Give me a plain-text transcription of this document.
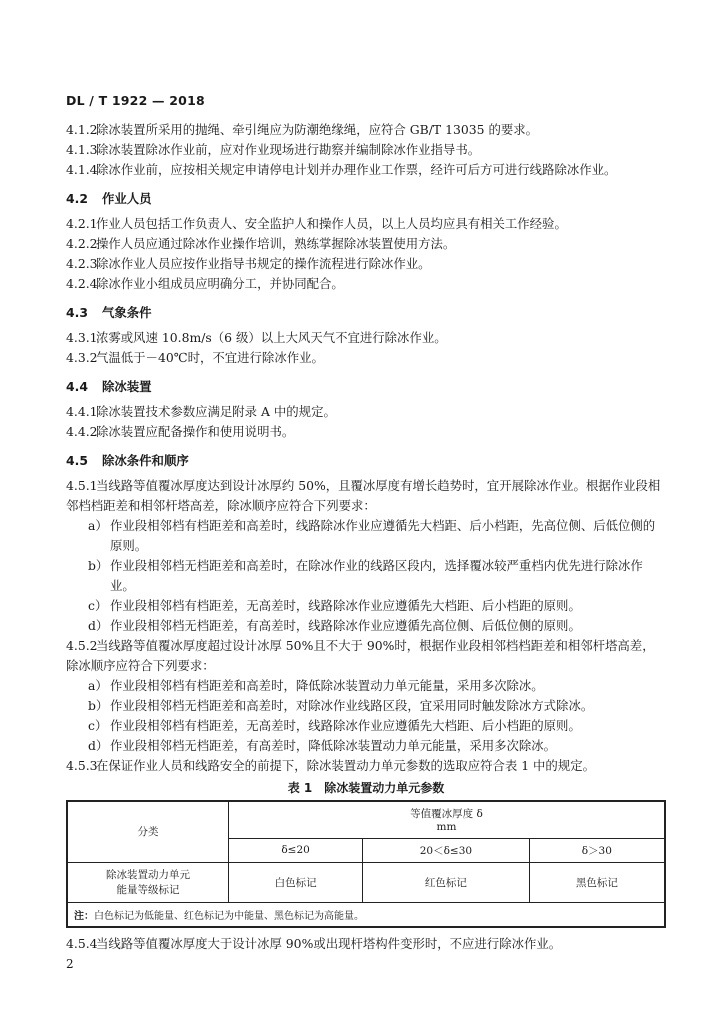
DL / T 1922 — 2018
4.1.2除冰装置所采用的抛绳、牵引绳应为防潮绝缘绳，应符合 GB/T 13035 的要求。
4.1.3除冰装置除冰作业前，应对作业现场进行勘察并编制除冰作业指导书。
4.1.4除冰作业前，应按相关规定申请停电计划并办理作业工作票，经许可后方可进行线路除冰作业。
4.2 作业人员
4.2.1作业人员包括工作负责人、安全监护人和操作人员，以上人员均应具有相关工作经验。
4.2.2操作人员应通过除冰作业操作培训，熟练掌握除冰装置使用方法。
4.2.3除冰作业人员应按作业指导书规定的操作流程进行除冰作业。
4.2.4除冰作业小组成员应明确分工，并协同配合。
4.3 气象条件
4.3.1浓雾或风速 10.8m/s（6 级）以上大风天气不宜进行除冰作业。
4.3.2气温低于－40℃时，不宜进行除冰作业。
4.4 除冰装置
4.4.1除冰装置技术参数应满足附录 A 中的规定。
4.4.2除冰装置应配备操作和使用说明书。
4.5 除冰条件和顺序
4.5.1当线路等值覆冰厚度达到设计冰厚约 50%，且覆冰厚度有增长趋势时，宜开展除冰作业。根据作业段相邻档档距差和相邻杆塔高差，除冰顺序应符合下列要求：
a） 作业段相邻档有档距差和高差时，线路除冰作业应遵循先大档距、后小档距，先高位侧、后低位侧的原则。
b） 作业段相邻档无档距差和高差时，在除冰作业的线路区段内，选择覆冰较严重档内优先进行除冰作业。
c） 作业段相邻档有档距差，无高差时，线路除冰作业应遵循先大档距、后小档距的原则。
d） 作业段相邻档无档距差，有高差时，线路除冰作业应遵循先高位侧、后低位侧的原则。
4.5.2当线路等值覆冰厚度超过设计冰厚 50%且不大于 90%时，根据作业段相邻档档距差和相邻杆塔高差，除冰顺序应符合下列要求：
a） 作业段相邻档有档距差和高差时，降低除冰装置动力单元能量，采用多次除冰。
b） 作业段相邻档无档距差和高差时，对除冰作业线路区段，宜采用同时触发除冰方式除冰。
c） 作业段相邻档有档距差，无高差时，线路除冰作业应遵循先大档距、后小档距的原则。
d） 作业段相邻档无档距差，有高差时，降低除冰装置动力单元能量，采用多次除冰。
4.5.3在保证作业人员和线路安全的前提下，除冰装置动力单元参数的选取应符合表 1 中的规定。
表 1　除冰装置动力单元参数
分类	等值覆冰厚度 δ
mm		

	δ≤20	20＜δ≤30	δ＞30

除冰装置动力单元
能量等级标记	白色标记	红色标记	黑色标记
注：白色标记为低能量、红色标记为中能量、黑色标记为高能量。			
4.5.4当线路等值覆冰厚度大于设计冰厚 90%或出现杆塔构件变形时，不应进行除冰作业。
2
